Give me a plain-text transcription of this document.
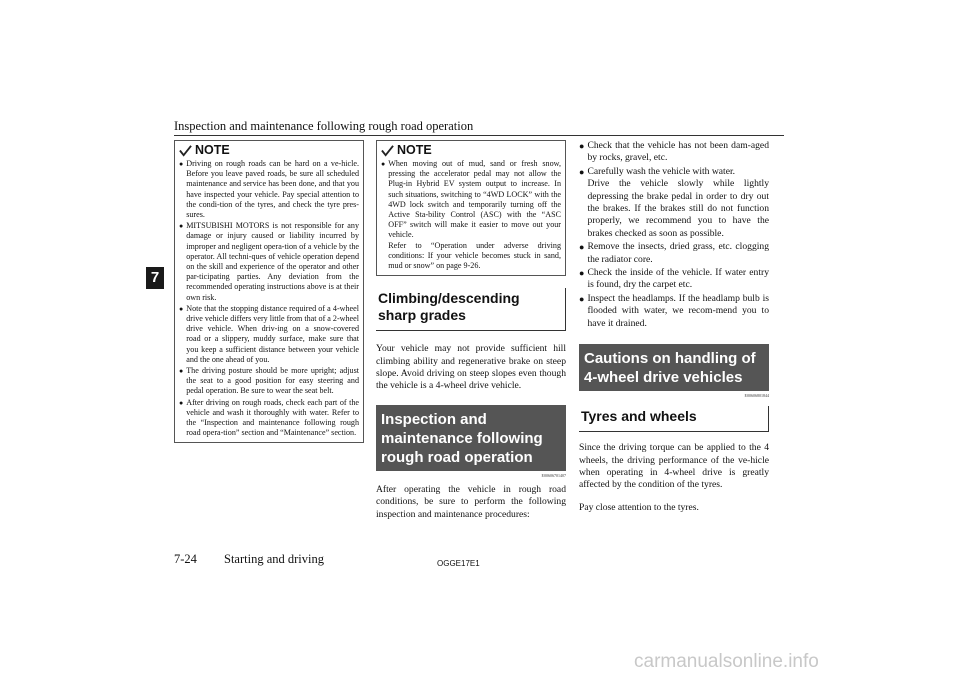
Inspection and maintenance following rough road operation
7
NOTE
● Driving on rough roads can be hard on a ve-hicle. Before you leave paved roads, be sure all scheduled maintenance and service has been done, and that you have inspected your vehicle. Pay special attention to the condi-tion of the tyres, and check the tyre pres-sures.
● MITSUBISHI MOTORS is not responsible for any damage or injury caused or liability incurred by improper and negligent opera-tion of a vehicle by the operator. All techni-ques of vehicle operation depend on the skill and experience of the operator and other par-ticipating parties. Any deviation from the recommended operating instructions above is at their own risk.
● Note that the stopping distance required of a 4-wheel drive vehicle differs very little from that of a 2-wheel drive vehicle. When driv-ing on a snow-covered road or a slippery, muddy surface, make sure that you keep a sufficient distance between your vehicle and the one ahead of you.
● The driving posture should be more upright; adjust the seat to a good position for easy steering and pedal operation. Be sure to wear the seat belt.
● After driving on rough roads, check each part of the vehicle and wash it thoroughly with water. Refer to the “Inspection and maintenance following rough road opera-tion” section and “Maintenance” section.
NOTE
● When moving out of mud, sand or fresh snow, pressing the accelerator pedal may not allow the Plug-in Hybrid EV system output to increase. In such situations, switching to “4WD LOCK” with the 4WD lock switch and temporarily turning off the Active Sta-bility Control (ASC) with the “ASC OFF” switch will make it easier to move out your vehicle.
Refer to “Operation under adverse driving conditions: If your vehicle becomes stuck in sand, mud or snow” on page 9-26.
Climbing/descending sharp grades
Your vehicle may not provide sufficient hill climbing ability and regenerative brake on steep slope. Avoid driving on steep slopes even though the vehicle is a 4-wheel drive vehicle.
Inspection and maintenance following rough road operation
E00606701407
After operating the vehicle in rough road conditions, be sure to perform the following inspection and maintenance procedures:
● Check that the vehicle has not been dam-aged by rocks, gravel, etc.
● Carefully wash the vehicle with water.
Drive the vehicle slowly while lightly depressing the brake pedal in order to dry out the brakes. If the brakes still do not function properly, we recommend you to have the brakes checked as soon as possible.
● Remove the insects, dried grass, etc. clogging the radiator core.
● Check the inside of the vehicle. If water entry is found, dry the carpet etc.
● Inspect the headlamps. If the headlamp bulb is flooded with water, we recom-mend you to have it drained.
Cautions on handling of 4-wheel drive vehicles
E00606801844
Tyres and wheels
Since the driving torque can be applied to the 4 wheels, the driving performance of the ve-hicle when operating in 4-wheel drive is greatly affected by the condition of the tyres.
Pay close attention to the tyres.
7-24 Starting and driving	OGGE17E1
carmanualsonline.info
